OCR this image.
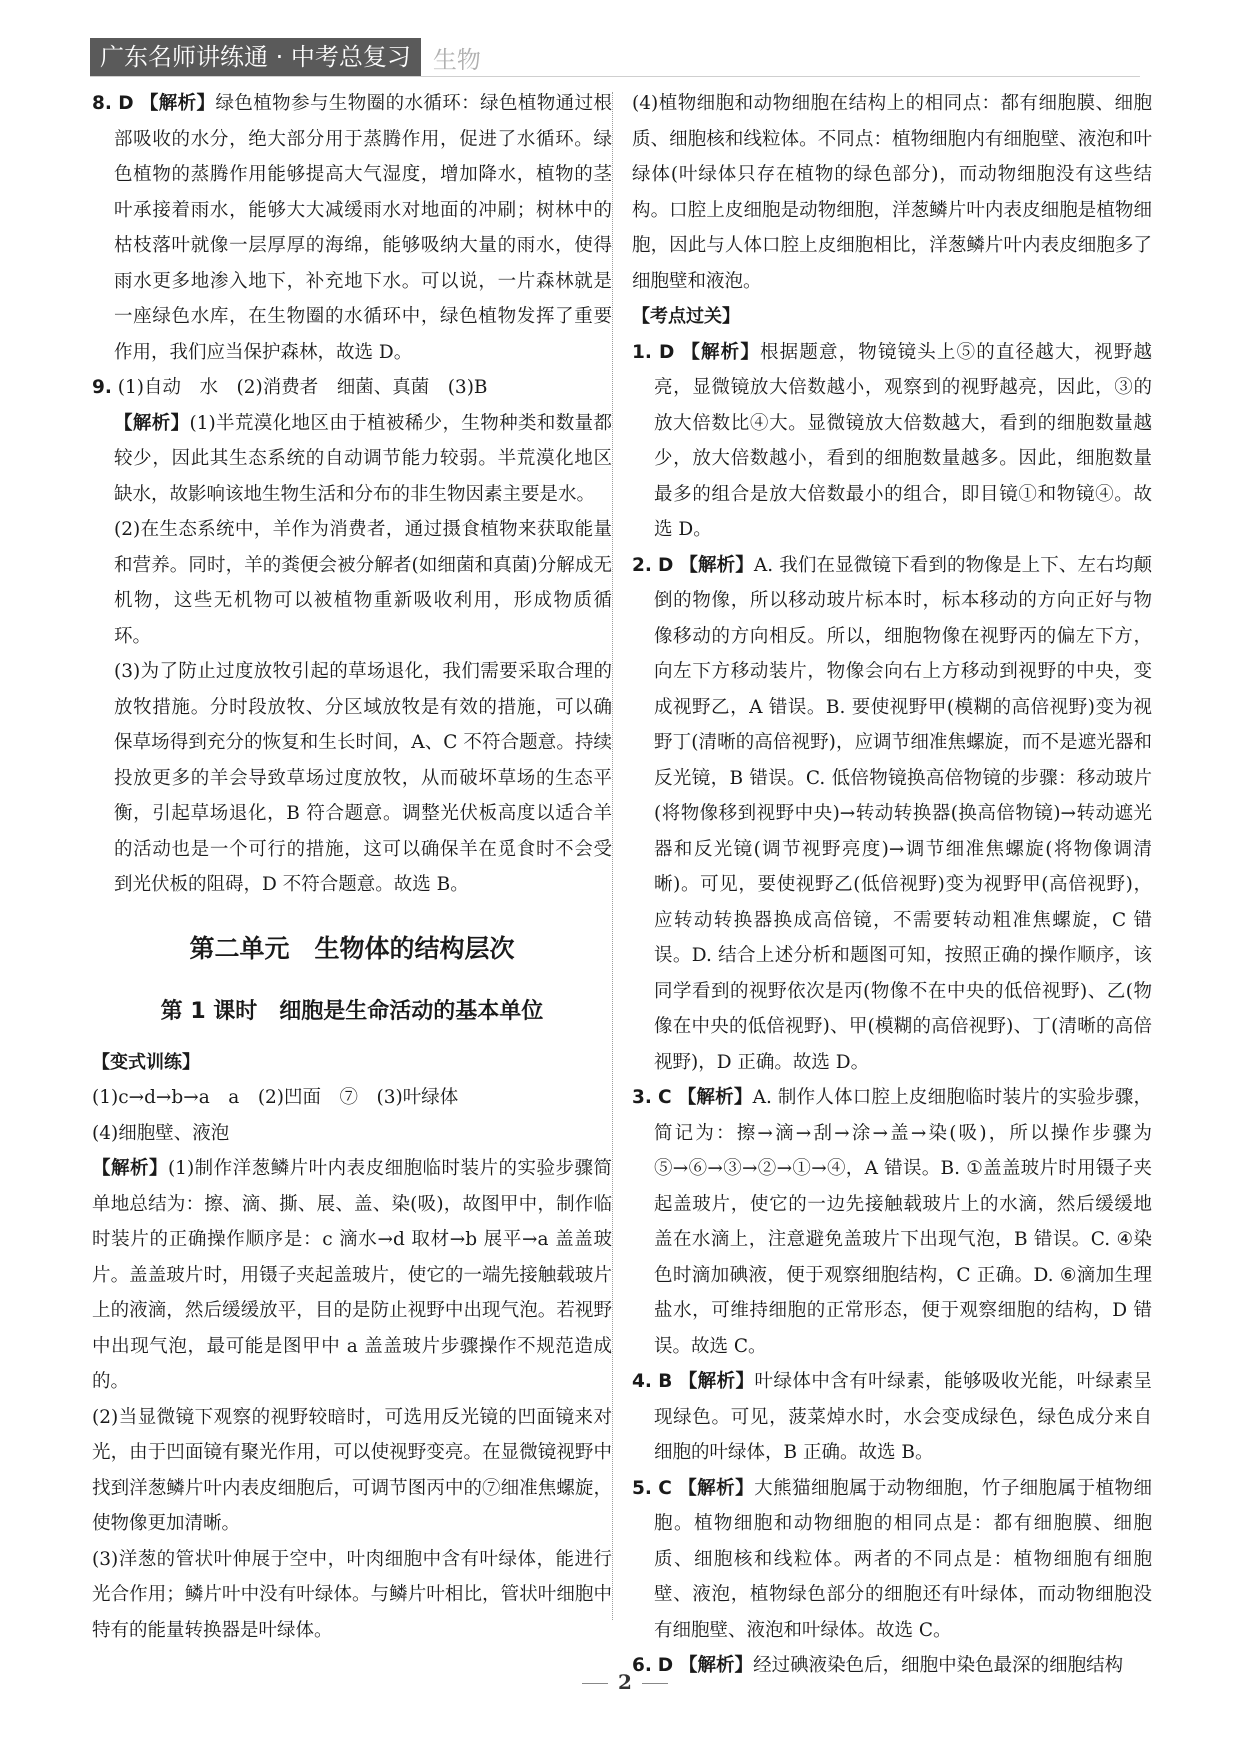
广东名师讲练通 · 中考总复习 生物

8. D 【解析】绿色植物参与生物圈的水循环：绿色植物通过根部吸收的水分，绝大部分用于蒸腾作用，促进了水循环。绿色植物的蒸腾作用能够提高大气湿度，增加降水，植物的茎叶承接着雨水，能够大大减缓雨水对地面的冲刷；树林中的枯枝落叶就像一层厚厚的海绵，能够吸纳大量的雨水，使得雨水更多地渗入地下，补充地下水。可以说，一片森林就是一座绿色水库，在生物圈的水循环中，绿色植物发挥了重要作用，我们应当保护森林，故选 D。

9. (1)自动　水　(2)消费者　细菌、真菌　(3)B

【解析】(1)半荒漠化地区由于植被稀少，生物种类和数量都较少，因此其生态系统的自动调节能力较弱。半荒漠化地区缺水，故影响该地生物生活和分布的非生物因素主要是水。

(2)在生态系统中，羊作为消费者，通过摄食植物来获取能量和营养。同时，羊的粪便会被分解者(如细菌和真菌)分解成无机物，这些无机物可以被植物重新吸收利用，形成物质循环。

(3)为了防止过度放牧引起的草场退化，我们需要采取合理的放牧措施。分时段放牧、分区域放牧是有效的措施，可以确保草场得到充分的恢复和生长时间，A、C 不符合题意。持续投放更多的羊会导致草场过度放牧，从而破坏草场的生态平衡，引起草场退化，B 符合题意。调整光伏板高度以适合羊的活动也是一个可行的措施，这可以确保羊在觅食时不会受到光伏板的阻碍，D 不符合题意。故选 B。

第二单元　生物体的结构层次
第 1 课时　细胞是生命活动的基本单位

【变式训练】

(1)c→d→b→a　a　(2)凹面　⑦　(3)叶绿体

(4)细胞壁、液泡

【解析】(1)制作洋葱鳞片叶内表皮细胞临时装片的实验步骤简单地总结为：擦、滴、撕、展、盖、染(吸)，故图甲中，制作临时装片的正确操作顺序是：c 滴水→d 取材→b 展平→a 盖盖玻片。盖盖玻片时，用镊子夹起盖玻片，使它的一端先接触载玻片上的液滴，然后缓缓放平，目的是防止视野中出现气泡。若视野中出现气泡，最可能是图甲中 a 盖盖玻片步骤操作不规范造成的。

(2)当显微镜下观察的视野较暗时，可选用反光镜的凹面镜来对光，由于凹面镜有聚光作用，可以使视野变亮。在显微镜视野中找到洋葱鳞片叶内表皮细胞后，可调节图丙中的⑦细准焦螺旋，使物像更加清晰。

(3)洋葱的管状叶伸展于空中，叶肉细胞中含有叶绿体，能进行光合作用；鳞片叶中没有叶绿体。与鳞片叶相比，管状叶细胞中特有的能量转换器是叶绿体。

(4)植物细胞和动物细胞在结构上的相同点：都有细胞膜、细胞质、细胞核和线粒体。不同点：植物细胞内有细胞壁、液泡和叶绿体(叶绿体只存在植物的绿色部分)，而动物细胞没有这些结构。口腔上皮细胞是动物细胞，洋葱鳞片叶内表皮细胞是植物细胞，因此与人体口腔上皮细胞相比，洋葱鳞片叶内表皮细胞多了细胞壁和液泡。

【考点过关】

1. D 【解析】根据题意，物镜镜头上⑤的直径越大，视野越亮，显微镜放大倍数越小，观察到的视野越亮，因此，③的放大倍数比④大。显微镜放大倍数越大，看到的细胞数量越少，放大倍数越小，看到的细胞数量越多。因此，细胞数量最多的组合是放大倍数最小的组合，即目镜①和物镜④。故选 D。

2. D 【解析】A. 我们在显微镜下看到的物像是上下、左右均颠倒的物像，所以移动玻片标本时，标本移动的方向正好与物像移动的方向相反。所以，细胞物像在视野丙的偏左下方，向左下方移动装片，物像会向右上方移动到视野的中央，变成视野乙，A 错误。B. 要使视野甲(模糊的高倍视野)变为视野丁(清晰的高倍视野)，应调节细准焦螺旋，而不是遮光器和反光镜，B 错误。C. 低倍物镜换高倍物镜的步骤：移动玻片(将物像移到视野中央)→转动转换器(换高倍物镜)→转动遮光器和反光镜(调节视野亮度)→调节细准焦螺旋(将物像调清晰)。可见，要使视野乙(低倍视野)变为视野甲(高倍视野)，应转动转换器换成高倍镜，不需要转动粗准焦螺旋，C 错误。D. 结合上述分析和题图可知，按照正确的操作顺序，该同学看到的视野依次是丙(物像不在中央的低倍视野)、乙(物像在中央的低倍视野)、甲(模糊的高倍视野)、丁(清晰的高倍视野)，D 正确。故选 D。

3. C 【解析】A. 制作人体口腔上皮细胞临时装片的实验步骤，简记为：擦→滴→刮→涂→盖→染(吸)，所以操作步骤为⑤→⑥→③→②→①→④，A 错误。B. ①盖盖玻片时用镊子夹起盖玻片，使它的一边先接触载玻片上的水滴，然后缓缓地盖在水滴上，注意避免盖玻片下出现气泡，B 错误。C. ④染色时滴加碘液，便于观察细胞结构，C 正确。D. ⑥滴加生理盐水，可维持细胞的正常形态，便于观察细胞的结构，D 错误。故选 C。

4. B 【解析】叶绿体中含有叶绿素，能够吸收光能，叶绿素呈现绿色。可见，菠菜焯水时，水会变成绿色，绿色成分来自细胞的叶绿体，B 正确。故选 B。

5. C 【解析】大熊猫细胞属于动物细胞，竹子细胞属于植物细胞。植物细胞和动物细胞的相同点是：都有细胞膜、细胞质、细胞核和线粒体。两者的不同点是：植物细胞有细胞壁、液泡，植物绿色部分的细胞还有叶绿体，而动物细胞没有细胞壁、液泡和叶绿体。故选 C。

6. D 【解析】经过碘液染色后，细胞中染色最深的细胞结构

2
